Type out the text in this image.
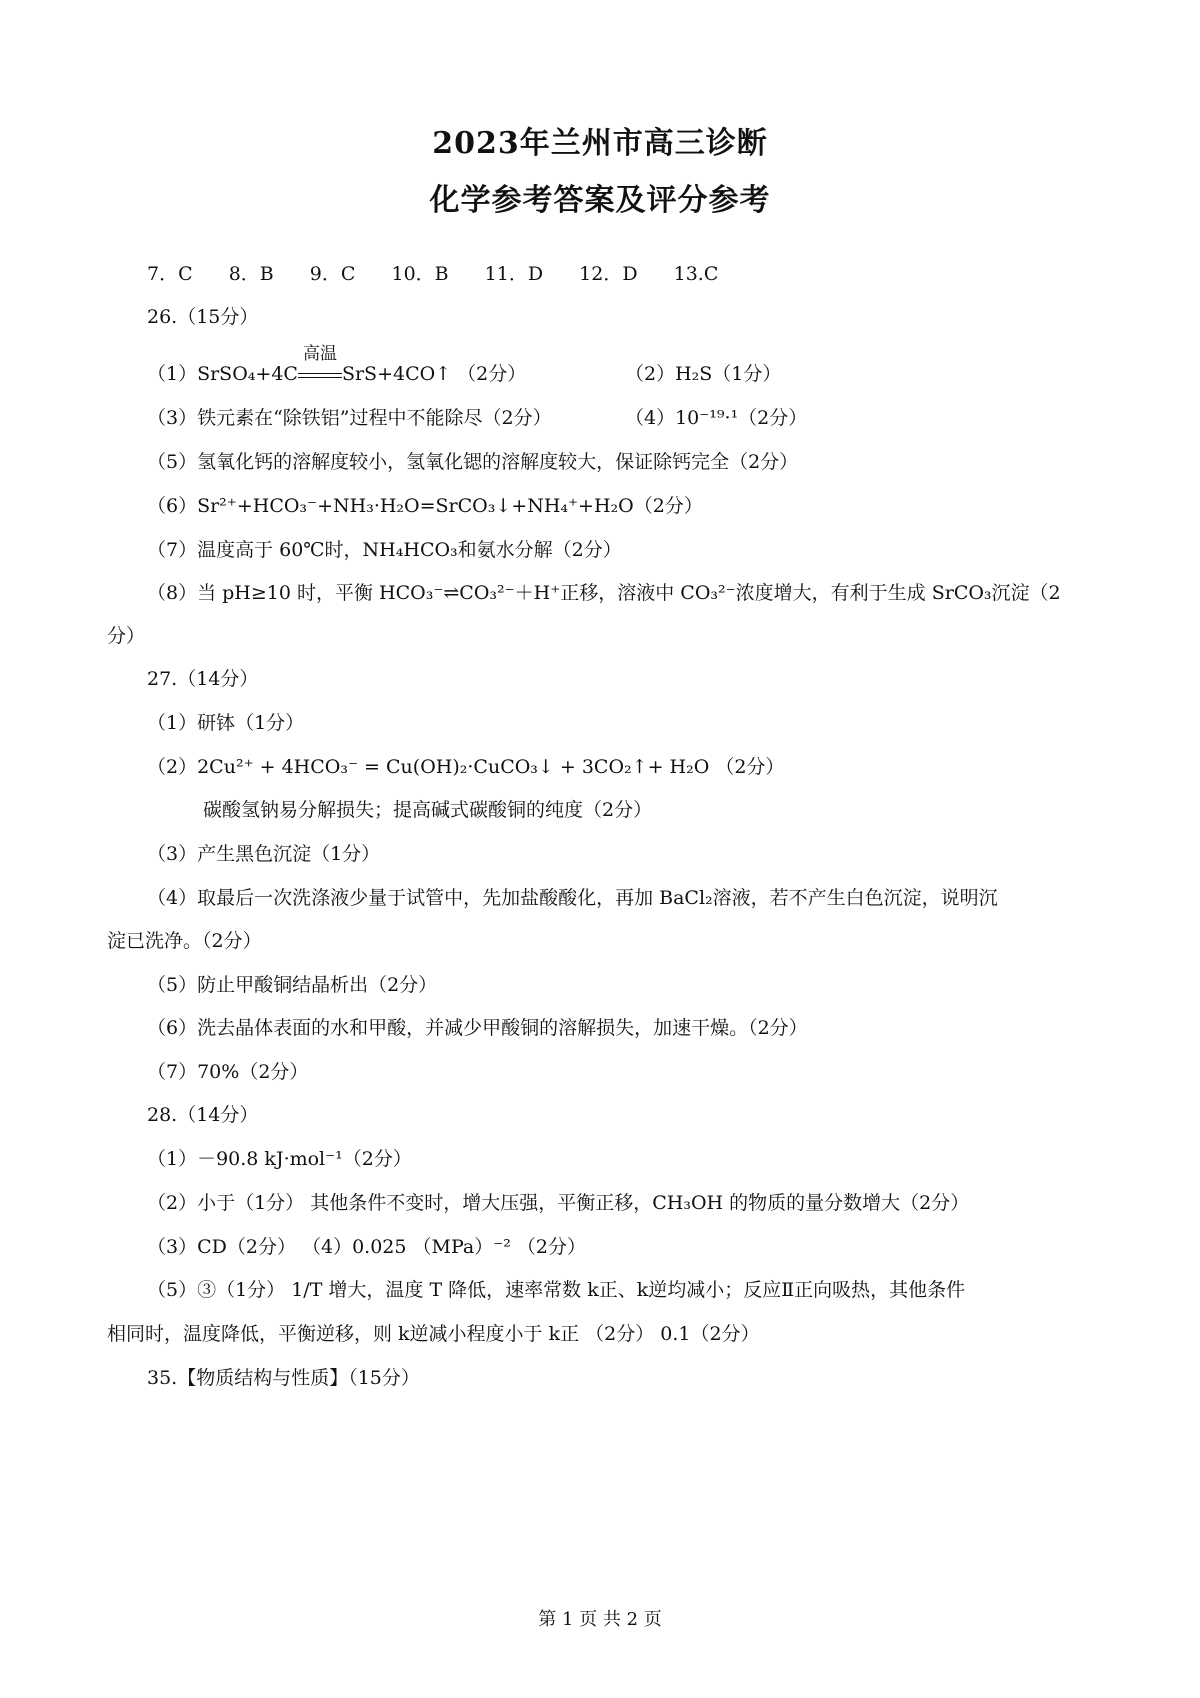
2023年兰州市高三诊断
化学参考答案及评分参考
7．C 8．B 9．C 10．B 11．D 12．D 13.C
26.（15分）
（1）SrSO₄+4C
高温
SrS+4CO↑ （2分）	（2）H₂S（1分）
（3）铁元素在“除铁铝”过程中不能除尽（2分）	（4）10⁻¹⁹·¹（2分）
（5）氢氧化钙的溶解度较小，氢氧化锶的溶解度较大，保证除钙完全（2分）
（6）Sr²⁺+HCO₃⁻+NH₃·H₂O=SrCO₃↓+NH₄⁺+H₂O（2分）
（7）温度高于 60℃时，NH₄HCO₃和氨水分解（2分）
（8）当 pH≥10 时，平衡 HCO₃⁻⇌CO₃²⁻＋H⁺正移，溶液中 CO₃²⁻浓度增大，有利于生成 SrCO₃沉淀（2
分）
27.（14分）
（1）研钵（1分）
（2）2Cu²⁺ + 4HCO₃⁻ = Cu(OH)₂·CuCO₃↓ + 3CO₂↑+ H₂O （2分）
碳酸氢钠易分解损失；提高碱式碳酸铜的纯度（2分）
（3）产生黑色沉淀（1分）
（4）取最后一次洗涤液少量于试管中，先加盐酸酸化，再加 BaCl₂溶液，若不产生白色沉淀，说明沉
淀已洗净。（2分）
（5）防止甲酸铜结晶析出（2分）
（6）洗去晶体表面的水和甲酸，并减少甲酸铜的溶解损失，加速干燥。（2分）
（7）70%（2分）
28.（14分）
（1）－90.8 kJ·mol⁻¹（2分）
（2）小于（1分） 其他条件不变时，增大压强，平衡正移，CH₃OH 的物质的量分数增大（2分）
（3）CD（2分） （4）0.025 （MPa）⁻² （2分）
（5）③（1分） 1/T 增大，温度 T 降低，速率常数 k正、k逆均减小；反应Ⅱ正向吸热，其他条件
相同时，温度降低，平衡逆移，则 k逆减小程度小于 k正 （2分） 0.1（2分）
35.【物质结构与性质】（15分）
第 1 页 共 2 页
